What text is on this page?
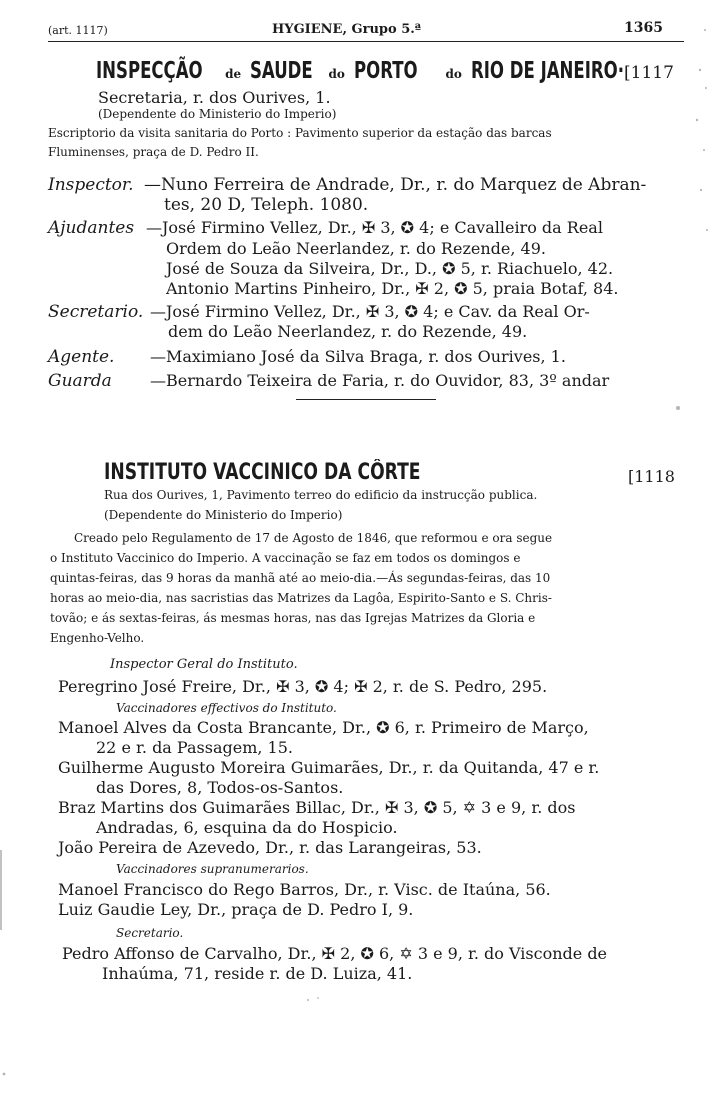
(art. 1117)	HYGIENE, Grupo 5.ª	1365
INSPECÇÃO de SAUDE do PORTO do RIO DE JANEIRO· [1117
Secretaria, r. dos Ourives, 1.
(Dependente do Ministerio do Imperio)
Escriptorio da visita sanitaria do Porto : Pavimento superior da estação das barcas
Fluminenses, praça de D. Pedro II.
Inspector. —Nuno Ferreira de Andrade, Dr., r. do Marquez de Abran-
tes, 20 D, Teleph. 1080.
Ajudantes —José Firmino Vellez, Dr., ✠ 3, ✪ 4; e Cavalleiro da Real
Ordem do Leão Neerlandez, r. do Rezende, 49.
José de Souza da Silveira, Dr., D., ✪ 5, r. Riachuelo, 42.
Antonio Martins Pinheiro, Dr., ✠ 2, ✪ 5, praia Botaf, 84.
Secretario. —José Firmino Vellez, Dr., ✠ 3, ✪ 4; e Cav. da Real Or-
dem do Leão Neerlandez, r. do Rezende, 49.
Agente. —Maximiano José da Silva Braga, r. dos Ourives, 1.
Guarda —Bernardo Teixeira de Faria, r. do Ouvidor, 83, 3º andar
INSTITUTO VACCINICO DA CÔRTE	[1118
Rua dos Ourives, 1, Pavimento terreo do edificio da instrucção publica.
(Dependente do Ministerio do Imperio)
Creado pelo Regulamento de 17 de Agosto de 1846, que reformou e ora segue
o Instituto Vaccinico do Imperio. A vaccinação se faz em todos os domingos e
quintas-feiras, das 9 horas da manhã até ao meio-dia.—Ás segundas-feiras, das 10
horas ao meio-dia, nas sacristias das Matrizes da Lagôa, Espirito-Santo e S. Chris-
tovão; e ás sextas-feiras, ás mesmas horas, nas das Igrejas Matrizes da Gloria e
Engenho-Velho.
Inspector Geral do Instituto.
Peregrino José Freire, Dr., ✠ 3, ✪ 4; ✠ 2, r. de S. Pedro, 295.
Vaccinadores effectivos do Instituto.
Manoel Alves da Costa Brancante, Dr., ✪ 6, r. Primeiro de Março,
22 e r. da Passagem, 15.
Guilherme Augusto Moreira Guimarães, Dr., r. da Quitanda, 47 e r.
das Dores, 8, Todos-os-Santos.
Braz Martins dos Guimarães Billac, Dr., ✠ 3, ✪ 5, ✡ 3 e 9, r. dos
Andradas, 6, esquina da do Hospicio.
João Pereira de Azevedo, Dr., r. das Larangeiras, 53.
Vaccinadores supranumerarios.
Manoel Francisco do Rego Barros, Dr., r. Visc. de Itaúna, 56.
Luiz Gaudie Ley, Dr., praça de D. Pedro I, 9.
Secretario.
Pedro Affonso de Carvalho, Dr., ✠ 2, ✪ 6, ✡ 3 e 9, r. do Visconde de
Inhaúma, 71, reside r. de D. Luiza, 41.
